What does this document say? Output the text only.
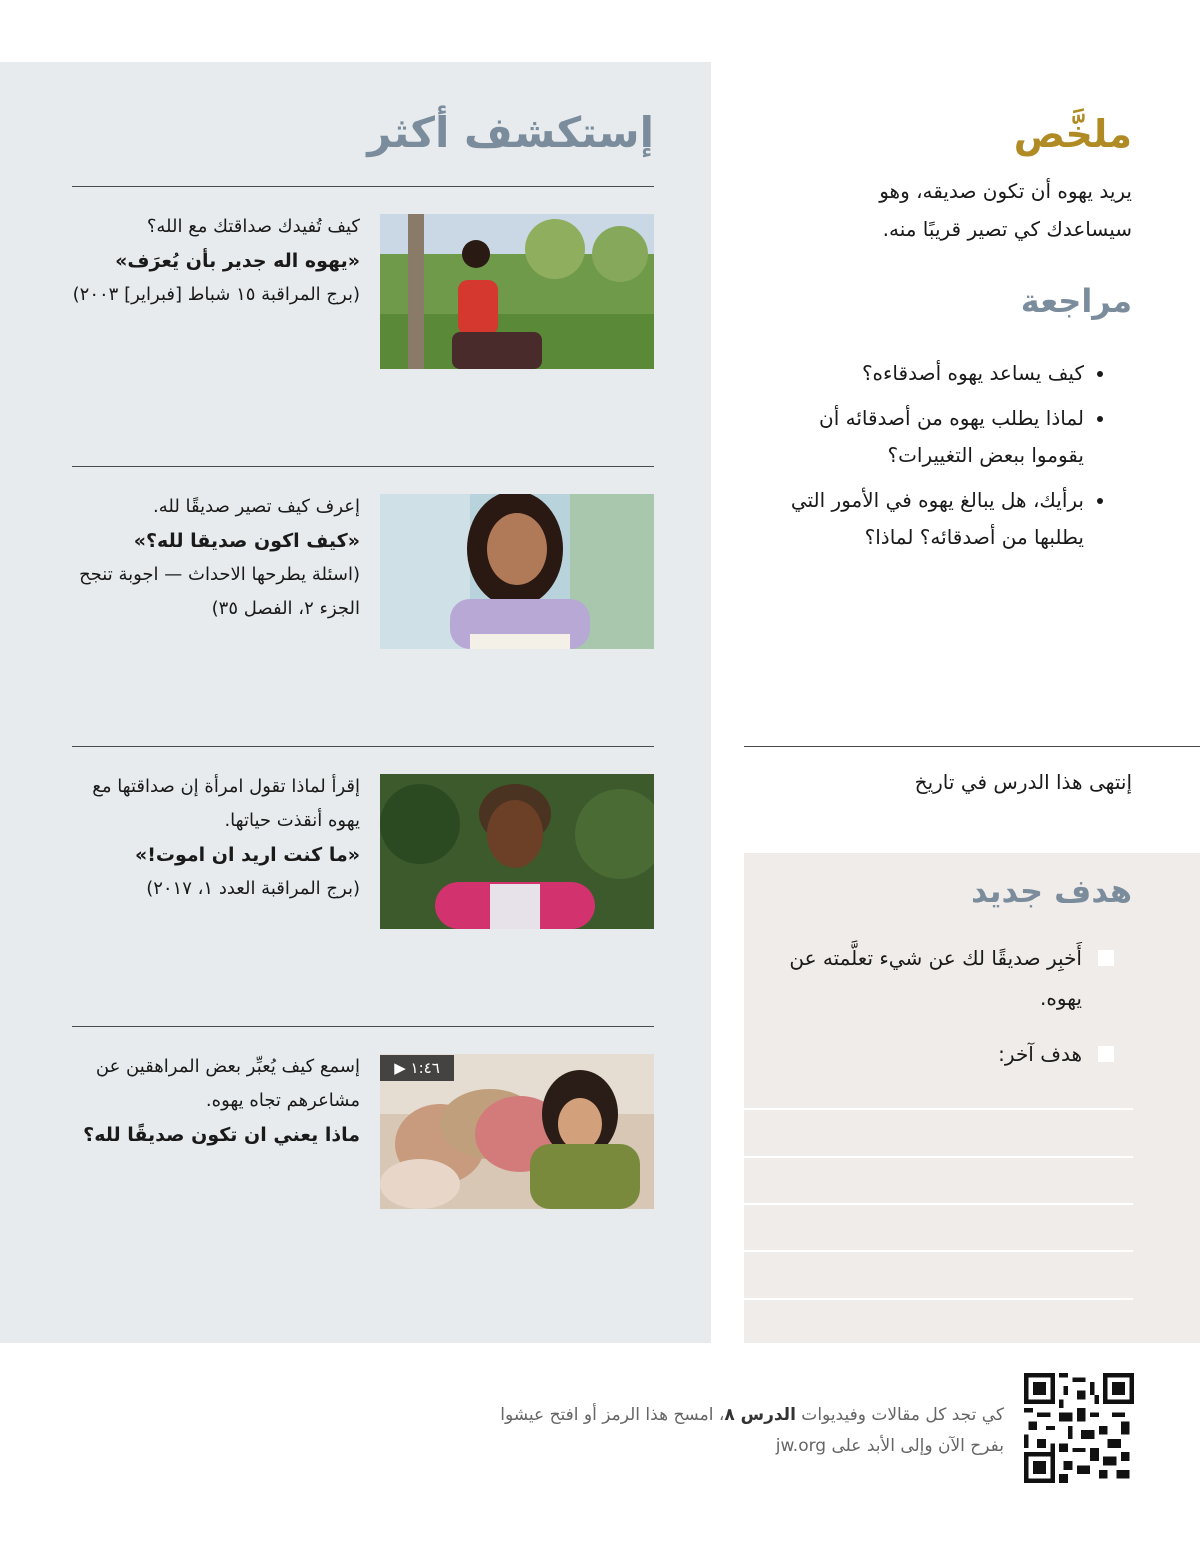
ملخَّص
يريد يهوه أن تكون صديقه، وهو سيساعدك كي تصير قريبًا منه.
مراجعة
• كيف يساعد يهوه أصدقاءه؟
• لماذا يطلب يهوه من أصدقائه أن يقوموا ببعض التغييرات؟
• برأيك، هل يبالغ يهوه في الأمور التي يطلبها من أصدقائه؟ لماذا؟
إنتهى هذا الدرس في تاريخ
هدف جديد
أَخبِر صديقًا لك عن شيء تعلَّمته عن يهوه.
هدف آخر:
إستكشف أكثر
كيف تُفيدك صداقتك مع الله؟
«يهوه اله جدير بأن يُعرَف»
(برج المراقبة ١٥ شباط [فبراير] ٢٠٠٣)
إعرف كيف تصير صديقًا لله.
«كيف اكون صديقا لله؟»
(اسئلة يطرحها الاحداث — اجوبة تنجح الجزء ٢، الفصل ٣٥)
إقرأ لماذا تقول امرأة إن صداقتها مع يهوه أنقذت حياتها.
«ما كنت اريد ان اموت!»
(برج المراقبة العدد ١، ٢٠١٧)
إسمع كيف يُعبِّر بعض المراهقين عن مشاعرهم تجاه يهوه.
ماذا يعني ان تكون صديقًا لله؟
١:٤٦ ▶
كي تجد كل مقالات وفيديوات الدرس ٨، امسح هذا الرمز أو افتح عيشوا بفرح الآن وإلى الأبد على jw.org
